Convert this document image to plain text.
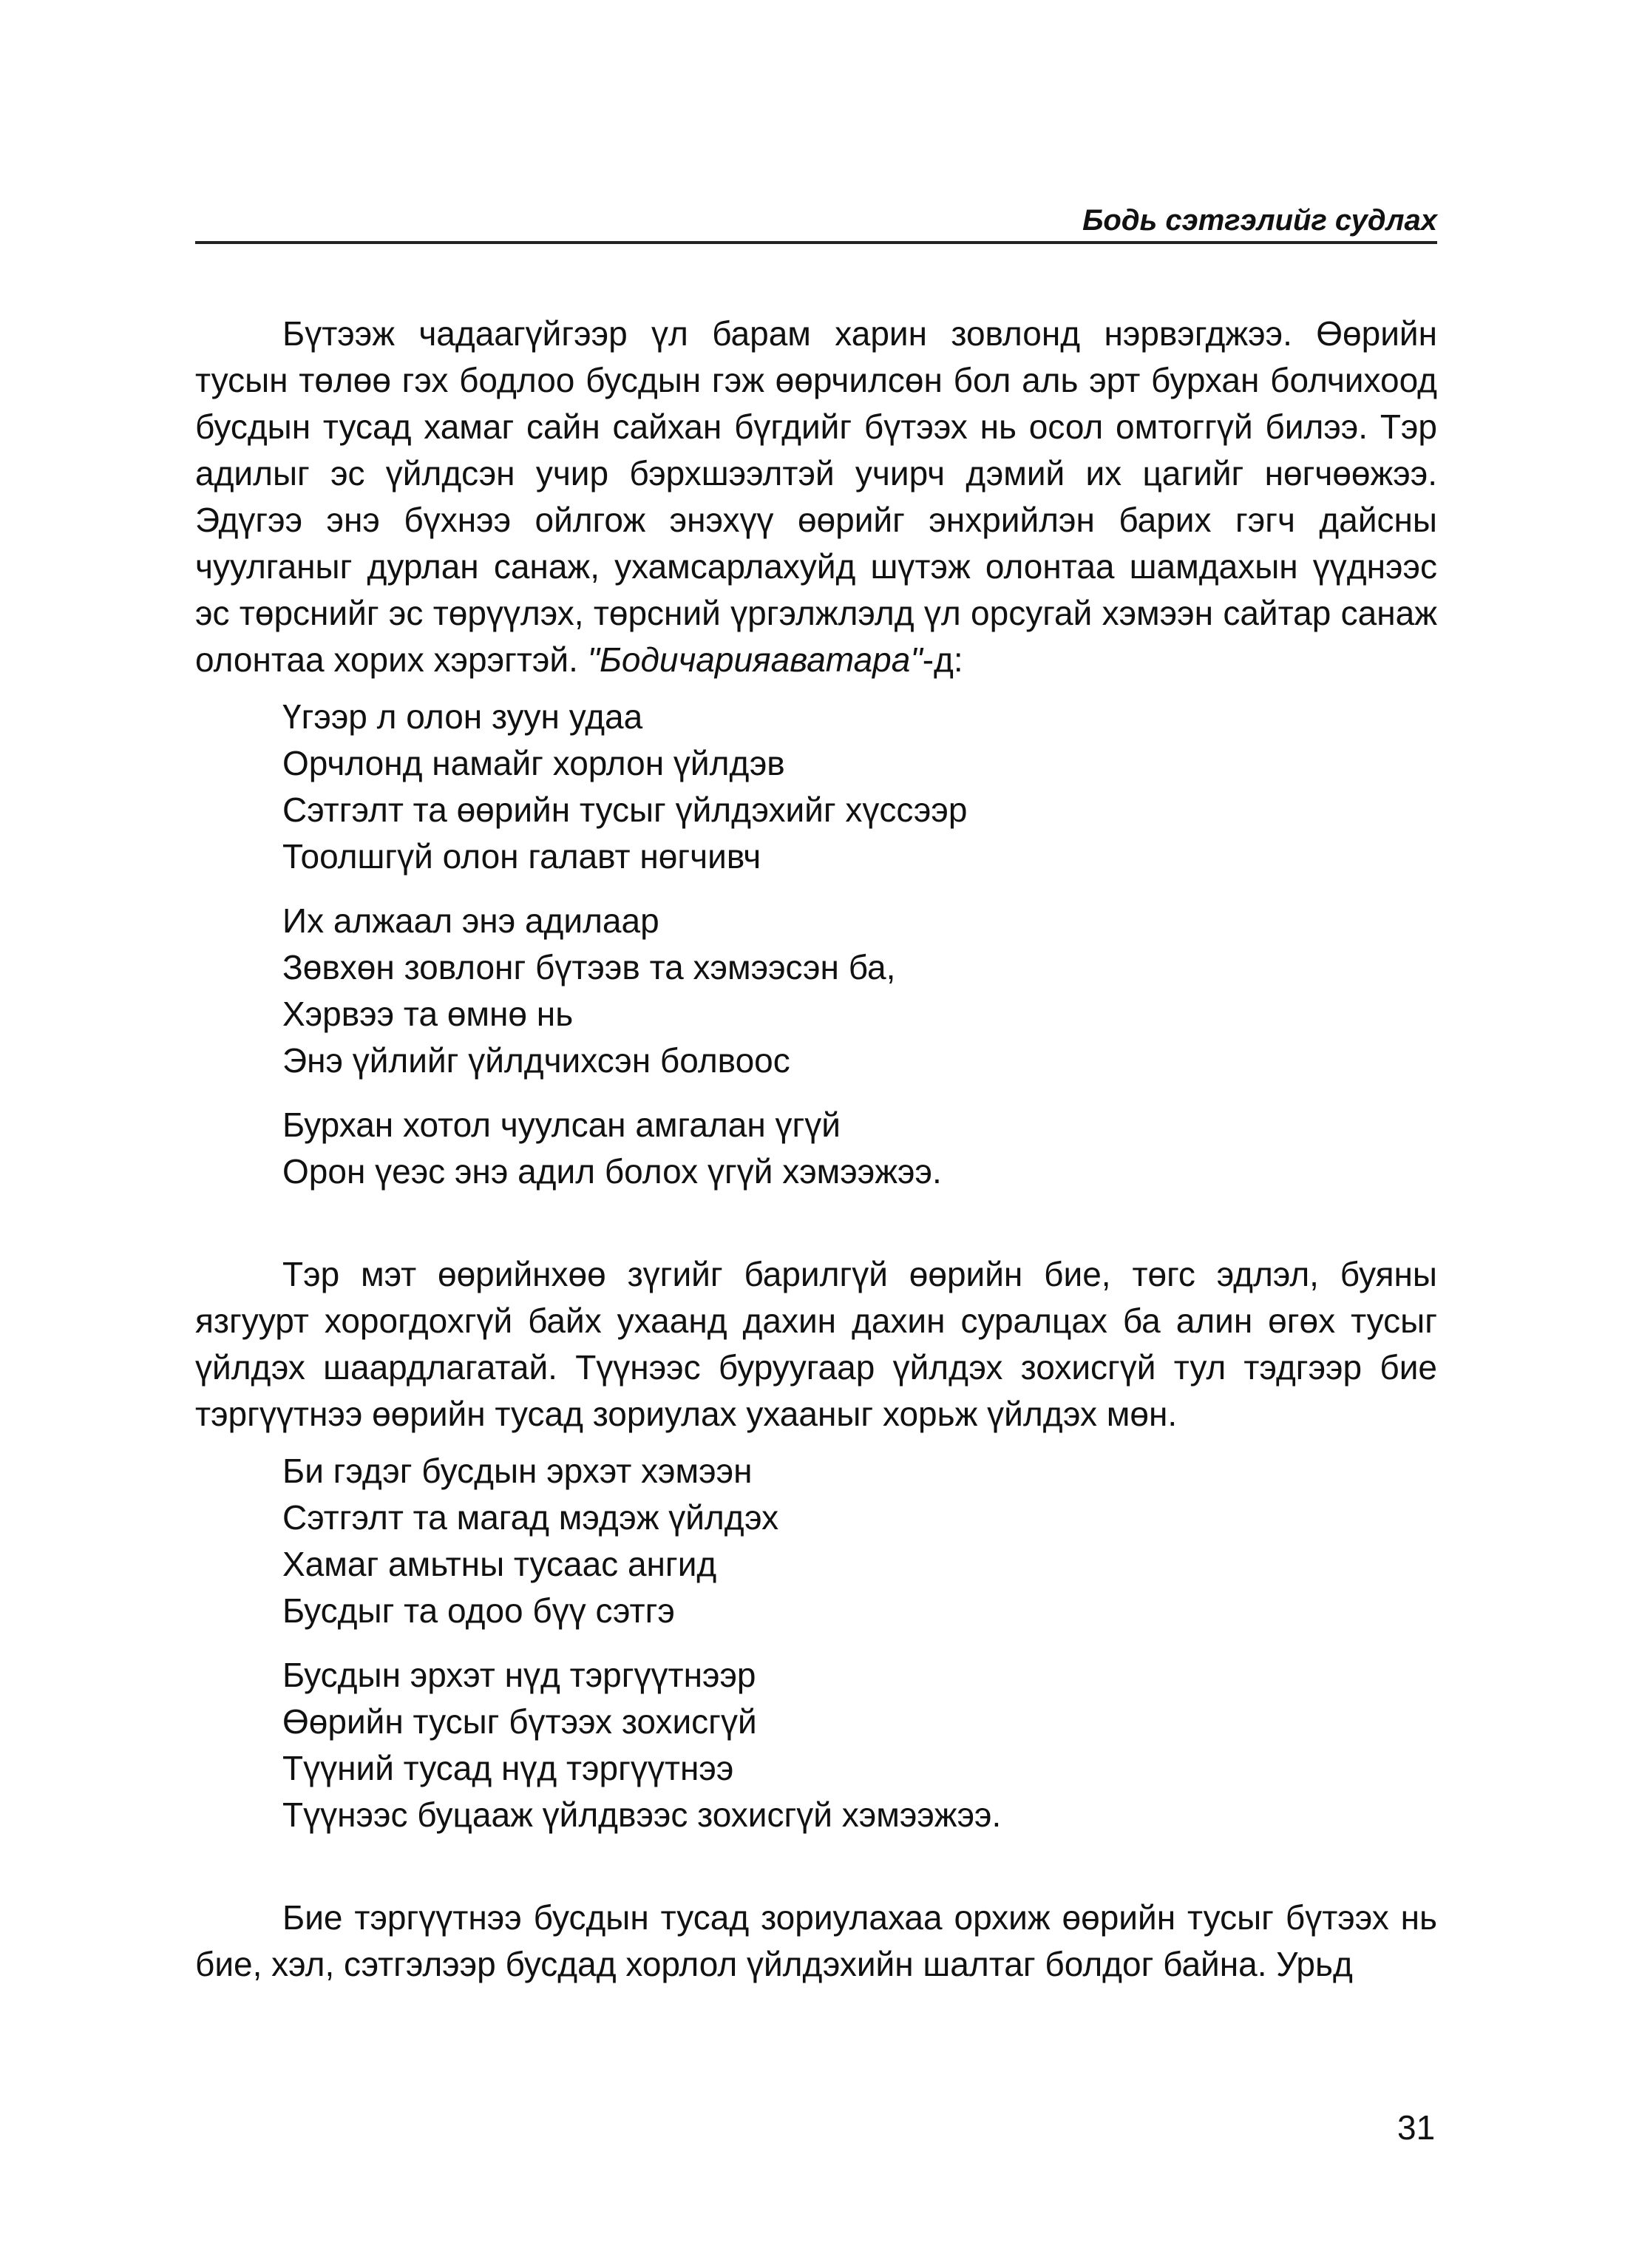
Бодь сэтгэлийг судлах

Бүтээж чадаагүйгээр үл барам харин зовлонд нэрвэгджээ. Өөрийн тусын төлөө гэх бодлоо бусдын гэж өөрчилсөн бол аль эрт бурхан болчихоод бусдын тусад хамаг сайн сайхан бүгдийг бүтээх нь осол омтоггүй билээ. Тэр адилыг эс үйлдсэн учир бэрхшээлтэй учирч дэмий их цагийг нөгчөөжээ. Эдүгээ энэ бүхнээ ойлгож энэхүү өөрийг энхрийлэн барих гэгч дайсны чуулганыг дурлан санаж, ухамсарлахуйд шүтэж олонтаа шамдахын үүднээс эс төрснийг эс төрүүлэх, төрсний үргэлжлэлд үл орсугай хэмээн сайтар санаж олонтаа хорих хэрэгтэй. "Бодичарияаватара"-д:

Үгээр л олон зуун удаа
Орчлонд намайг хорлон үйлдэв
Сэтгэлт та өөрийн тусыг үйлдэхийг хүссээр
Тоолшгүй олон галавт нөгчивч
Их алжаал энэ адилаар
Зөвхөн зовлонг бүтээв та хэмээсэн ба,
Хэрвээ та өмнө нь
Энэ үйлийг үйлдчихсэн болвоос
Бурхан хотол чуулсан амгалан үгүй
Орон үеэс энэ адил болох үгүй хэмээжээ.

Тэр мэт өөрийнхөө зүгийг барилгүй өөрийн бие, төгс эдлэл, буяны язгуурт хорогдохгүй байх ухаанд дахин дахин суралцах ба алин өгөх тусыг үйлдэх шаардлагатай. Түүнээс буруугаар үйлдэх зохисгүй тул тэдгээр бие тэргүүтнээ өөрийн тусад зориулах ухааныг хорьж үйлдэх мөн.

Би гэдэг бусдын эрхэт хэмээн
Сэтгэлт та магад мэдэж үйлдэх
Хамаг амьтны тусаас ангид
Бусдыг та одоо бүү сэтгэ
Бусдын эрхэт нүд тэргүүтнээр
Өөрийн тусыг бүтээх зохисгүй
Түүний тусад нүд тэргүүтнээ
Түүнээс буцааж үйлдвээс зохисгүй хэмээжээ.

Бие тэргүүтнээ бусдын тусад зориулахаа орхиж өөрийн тусыг бүтээх нь бие, хэл, сэтгэлээр бусдад хорлол үйлдэхийн шалтаг болдог байна. Урьд

31
